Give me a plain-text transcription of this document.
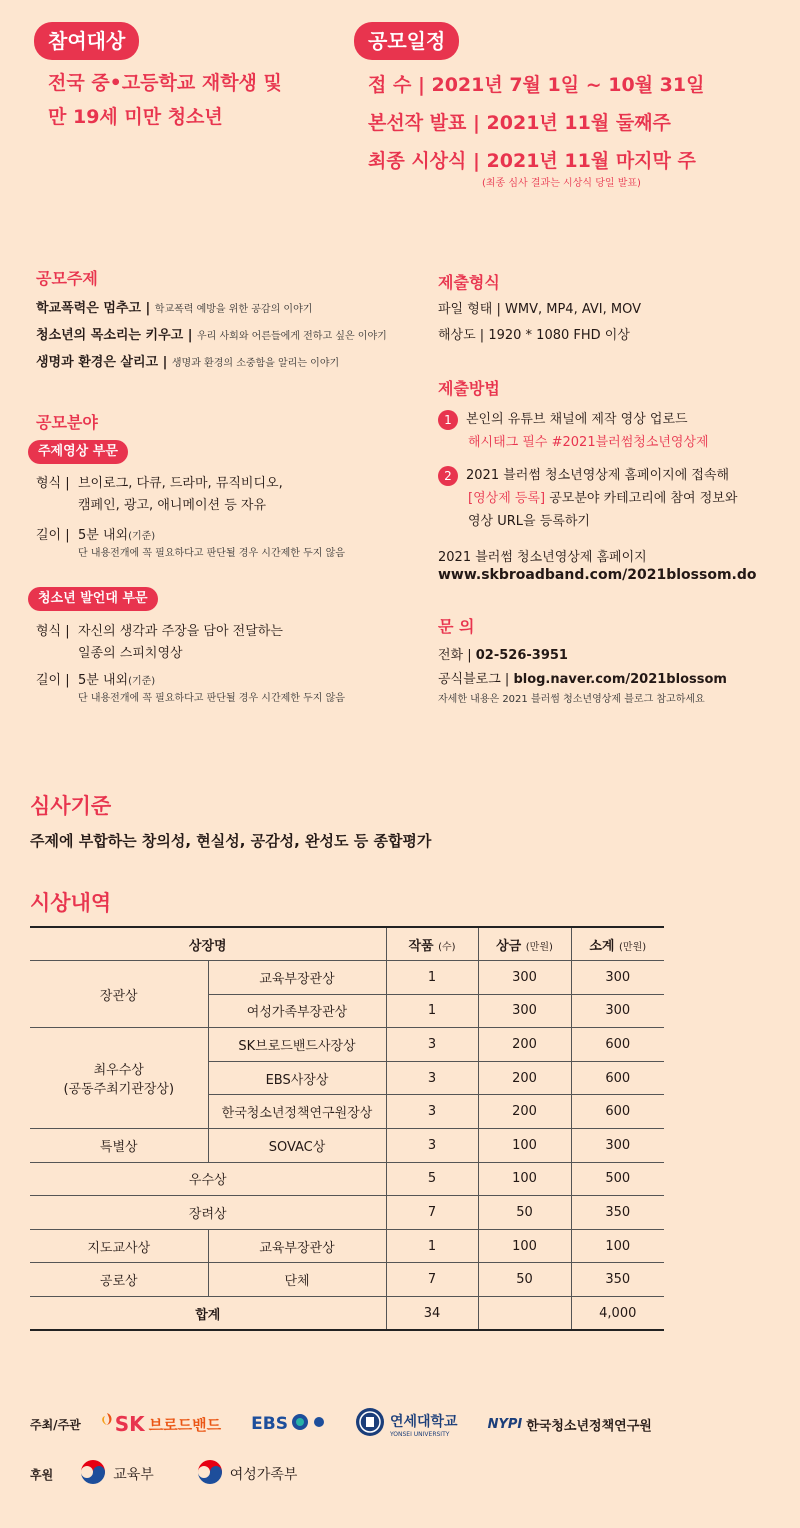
참여대상
전국 중•고등학교 재학생 및
만 19세 미만 청소년
공모일정
접 수 | 2021년 7월 1일 ~ 10월 31일
본선작 발표 | 2021년 11월 둘째주
최종 시상식 | 2021년 11월 마지막 주
(최종 심사 결과는 시상식 당일 발표)
공모주제
학교폭력은 멈추고 | 학교폭력 예방을 위한 공감의 이야기
청소년의 목소리는 키우고 | 우리 사회와 어른들에게 전하고 싶은 이야기
생명과 환경은 살리고 | 생명과 환경의 소중함을 알리는 이야기
공모분야
주제영상 부문
형식 | 브이로그, 다큐, 드라마, 뮤직비디오,
캠페인, 광고, 애니메이션 등 자유
길이 | 5분 내외(기준)
단 내용전개에 꼭 필요하다고 판단될 경우 시간제한 두지 않음
청소년 발언대 부문
형식 | 자신의 생각과 주장을 담아 전달하는
일종의 스피치영상
길이 | 5분 내외(기준)
단 내용전개에 꼭 필요하다고 판단될 경우 시간제한 두지 않음
제출형식
파일 형태 | WMV, MP4, AVI, MOV
해상도 | 1920 * 1080 FHD 이상
제출방법
1 본인의 유튜브 채널에 제작 영상 업로드
해시태그 필수 #2021블러썸청소년영상제
2 2021 블러썸 청소년영상제 홈페이지에 접속해
[영상제 등록] 공모분야 카테고리에 참여 정보와
영상 URL을 등록하기
2021 블러썸 청소년영상제 홈페이지
www.skbroadband.com/2021blossom.do
문 의
전화 | 02-526-3951
공식블로그 | blog.naver.com/2021blossom
자세한 내용은 2021 블러썸 청소년영상제 블로그 참고하세요
심사기준
주제에 부합하는 창의성, 현실성, 공감성, 완성도 등 종합평가
시상내역
상장명		작품 (수)	상금 (만원)	소계 (만원)
장관상	교육부장관상	1	300	300
	여성가족부장관상	1	300	300

최우수상
(공동주최기관장상)	SK브로드밴드사장상	3	200	600
	EBS사장상	3	200	600
	한국청소년정책연구원장상	3	200	600
특별상	SOVAC상	3	100	300
우수상		5	100	500
장려상		7	50	350
지도교사상	교육부장관상	1	100	100
공로상	단체	7	50	350
합계		34		4,000
주최/주관 SK 브로드밴드 EBS	연세대학교
YONSEI UNIVERSITY
NYPI 한국청소년정책연구원
후원	교육부	여성가족부
